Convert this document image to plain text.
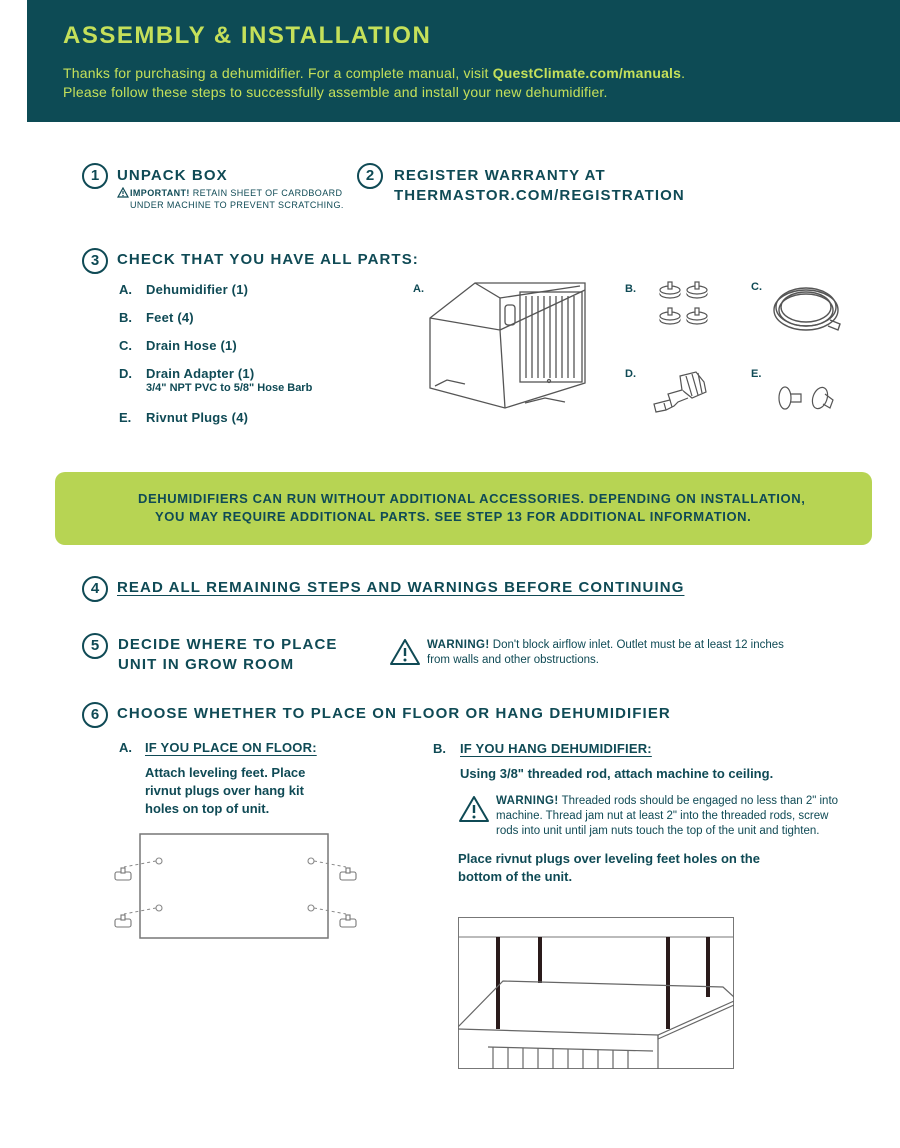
ASSEMBLY & INSTALLATION
Thanks for purchasing a dehumidifier. For a complete manual, visit QuestClimate.com/manuals.
Please follow these steps to successfully assemble and install your new dehumidifier.
1	UNPACK BOX
IMPORTANT! RETAIN SHEET OF CARDBOARD
UNDER MACHINE TO PREVENT SCRATCHING.
2	REGISTER WARRANTY AT
THERMASTOR.COM/REGISTRATION
3	CHECK THAT YOU HAVE ALL PARTS:
A. Dehumidifier (1)
B. Feet (4)
C. Drain Hose (1)
D. Drain Adapter (1)
3/4" NPT PVC to 5/8" Hose Barb
E. Rivnut Plugs (4)
A.	B.	C.
D.	E.
DEHUMIDIFIERS CAN RUN WITHOUT ADDITIONAL ACCESSORIES. DEPENDING ON INSTALLATION,
YOU MAY REQUIRE ADDITIONAL PARTS. SEE STEP 13 FOR ADDITIONAL INFORMATION.
4	READ ALL REMAINING STEPS AND WARNINGS BEFORE CONTINUING
5	DECIDE WHERE TO PLACE
UNIT IN GROW ROOM
WARNING! Don't block airflow inlet. Outlet must be at least 12 inches
from walls and other obstructions.
6	CHOOSE WHETHER TO PLACE ON FLOOR OR HANG DEHUMIDIFIER
A. IF YOU PLACE ON FLOOR:
Attach leveling feet. Place
rivnut plugs over hang kit
holes on top of unit.
B. IF YOU HANG DEHUMIDIFIER:
Using 3/8" threaded rod, attach machine to ceiling.
WARNING! Threaded rods should be engaged no less than 2" into
machine. Thread jam nut at least 2" into the threaded rods, screw
rods into unit until jam nuts touch the top of the unit and tighten.
Place rivnut plugs over leveling feet holes on the
bottom of the unit.
